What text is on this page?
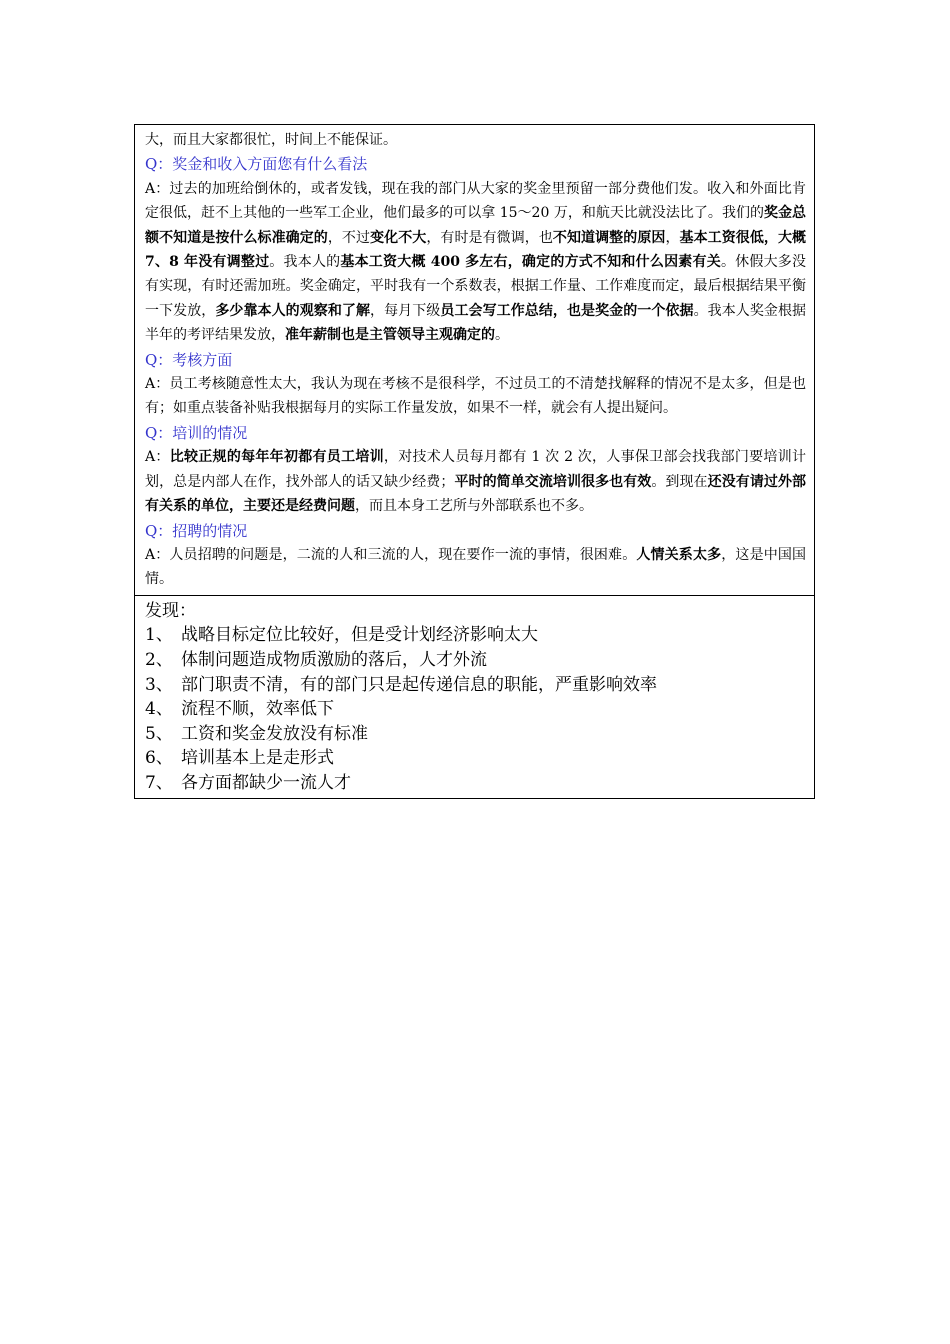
大，而且大家都很忙，时间上不能保证。

Q：奖金和收入方面您有什么看法

A：过去的加班给倒休的，或者发钱，现在我的部门从大家的奖金里预留一部分费他们发。收入和外面比肯定很低，赶不上其他的一些军工企业，他们最多的可以拿 15～20 万，和航天比就没法比了。我们的奖金总额不知道是按什么标准确定的，不过变化不大，有时是有微调，也不知道调整的原因，基本工资很低，大概 7、8 年没有调整过。我本人的基本工资大概 400 多左右，确定的方式不知和什么因素有关。休假大多没有实现，有时还需加班。奖金确定，平时我有一个系数表，根据工作量、工作难度而定，最后根据结果平衡 一下发放，多少靠本人的观察和了解，每月下级员工会写工作总结，也是奖金的一个依据。我本人奖金根据半年的考评结果发放，准年薪制也是主管领导主观确定的。

Q：考核方面

A：员工考核随意性太大，我认为现在考核不是很科学，不过员工的不清楚找解释的情况不是太多，但是也有；如重点装备补贴我根据每月的实际工作量发放，如果不一样，就会有人提出疑问。

Q：培训的情况

A：比较正规的每年年初都有员工培训，对技术人员每月都有 1 次 2 次，人事保卫部会找我部门要培训计划，总是内部人在作，找外部人的话又缺少经费；平时的简单交流培训很多也有效。到现在还没有请过外部有关系的单位，主要还是经费问题，而且本身工艺所与外部联系也不多。

Q：招聘的情况

A：人员招聘的问题是，二流的人和三流的人，现在要作一流的事情，很困难。人情关系太多，这是中国国情。

发现：

1、 战略目标定位比较好，但是受计划经济影响太大

2、 体制问题造成物质激励的落后，人才外流

3、 部门职责不清，有的部门只是起传递信息的职能，严重影响效率

4、 流程不顺，效率低下

5、 工资和奖金发放没有标准

6、 培训基本上是走形式

7、 各方面都缺少一流人才
